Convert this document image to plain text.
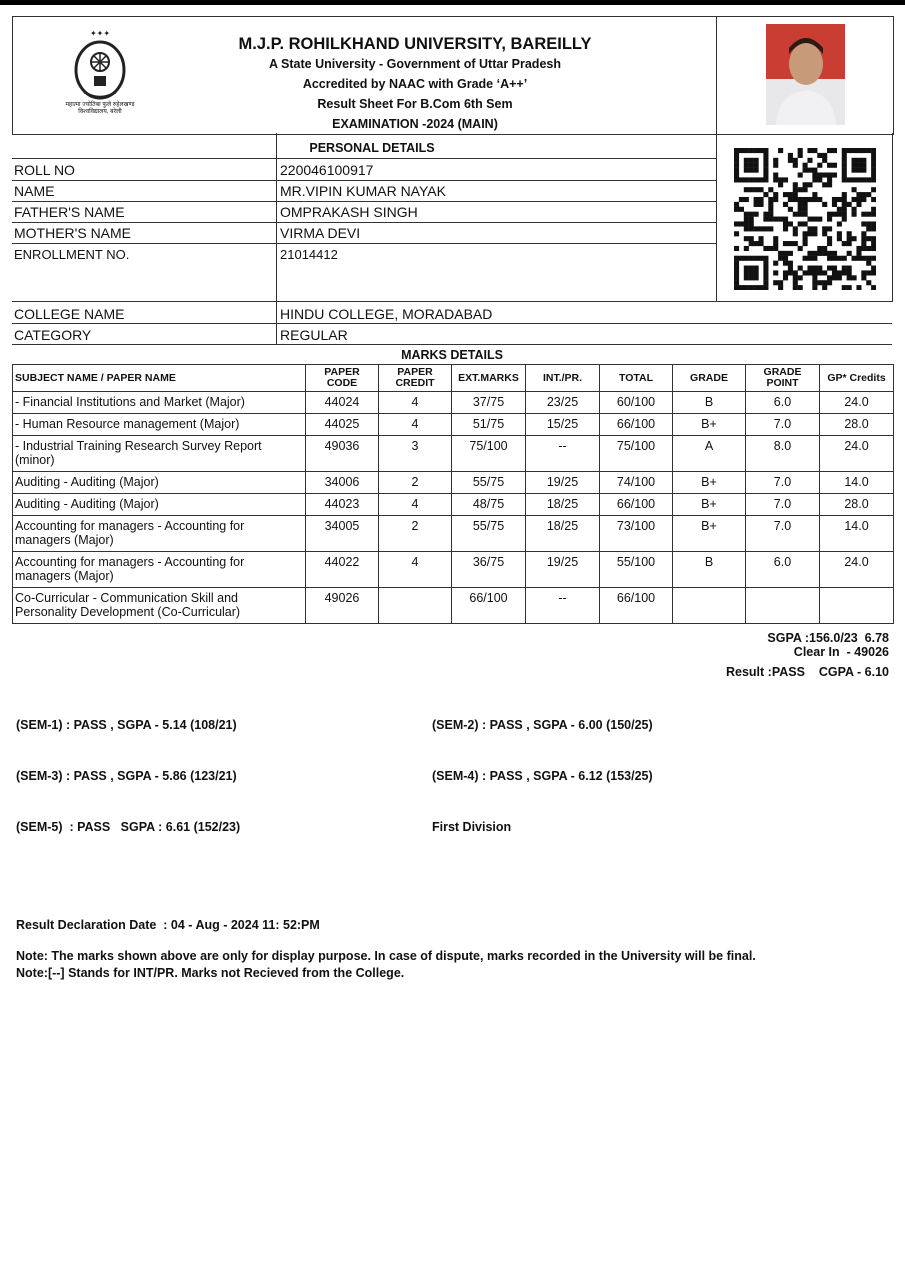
✦✦✦
महात्मा ज्योतिबा फुले रुहेलखण्ड विश्वविद्यालय, बरेली
M.J.P. ROHILKHAND UNIVERSITY, BAREILLY
A State University - Government of Uttar Pradesh
Accredited by NAAC with Grade ‘A++’
Result Sheet For B.Com 6th Sem
EXAMINATION -2024 (MAIN)
PERSONAL DETAILS
ROLL NO	220046100917
NAME	MR.VIPIN KUMAR NAYAK
FATHER'S NAME	OMPRAKASH SINGH
MOTHER'S NAME	VIRMA DEVI
ENROLLMENT NO.	21014412
COLLEGE NAME	HINDU COLLEGE, MORADABAD
CATEGORY	REGULAR
MARKS DETAILS
SUBJECT NAME / PAPER NAME	PAPER CODE	PAPER CREDIT	EXT.MARKS	INT./PR.	TOTAL	GRADE	GRADE POINT	GP* Credits
- Financial Institutions and Market (Major)	44024	4	37/75	23/25	60/100	B	6.0	24.0
- Human Resource management (Major)	44025	4	51/75	15/25	66/100	B+	7.0	28.0
- Industrial Training Research Survey Report (minor)	49036	3	75/100	--	75/100	A	8.0	24.0
Auditing - Auditing (Major)	34006	2	55/75	19/25	74/100	B+	7.0	14.0
Auditing - Auditing (Major)	44023	4	48/75	18/25	66/100	B+	7.0	28.0
Accounting for managers - Accounting for managers (Major)	34005	2	55/75	18/25	73/100	B+	7.0	14.0
Accounting for managers - Accounting for managers (Major)	44022	4	36/75	19/25	55/100	B	6.0	24.0
Co-Curricular - Communication Skill and Personality Development (Co-Curricular)	49026		66/100	--	66/100			
SGPA :156.0/23  6.78
Clear In  - 49026
Result :PASS    CGPA - 6.10

(SEM-1) : PASS , SGPA - 5.14 (108/21)

(SEM-3) : PASS , SGPA - 5.86 (123/21)

(SEM-5)  : PASS   SGPA : 6.61 (152/23)

(SEM-2) : PASS , SGPA - 6.00 (150/25)

(SEM-4) : PASS , SGPA - 6.12 (153/25)

First Division

Result Declaration Date  : 04 - Aug - 2024 11: 52:PM
Note: The marks shown above are only for display purpose. In case of dispute, marks recorded in the University will be final.
Note:[--] Stands for INT/PR. Marks not Recieved from the College.
